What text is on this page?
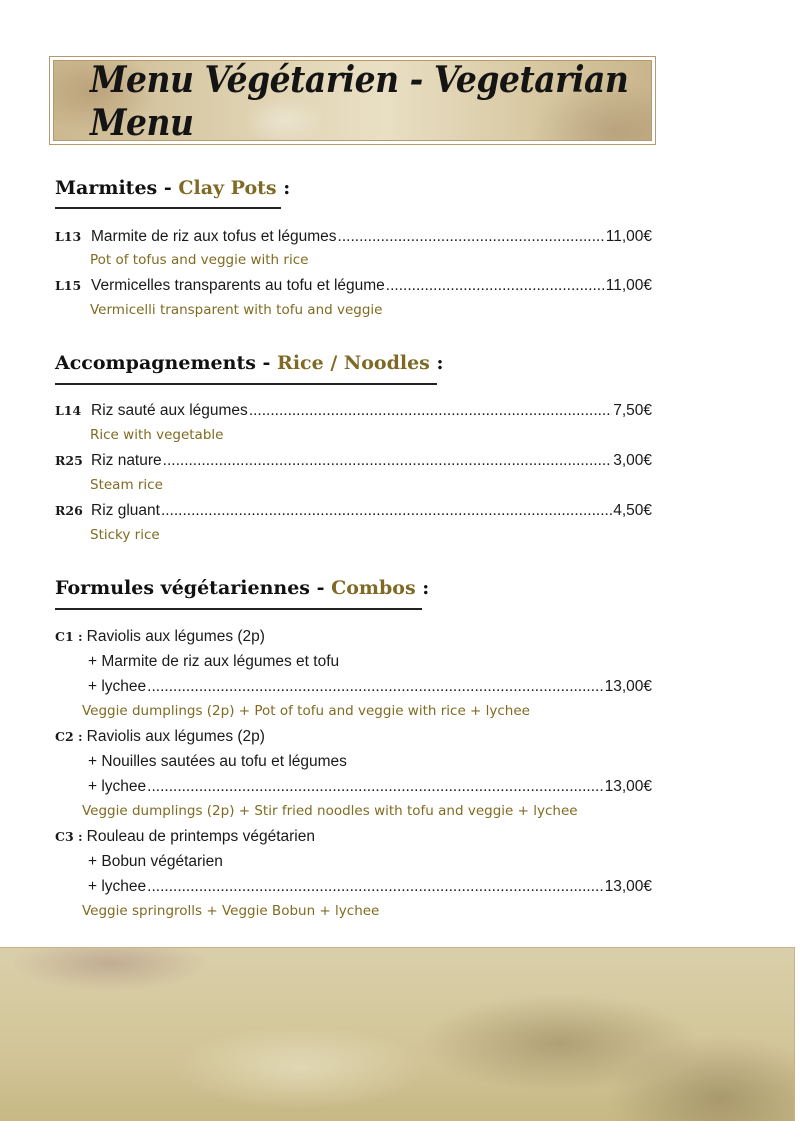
Menu Végétarien - Vegetarian Menu
Marmites - Clay Pots :
L13 Marmite de riz aux tofus et légumes .....	11,00€
Pot of tofus and veggie with rice
L15 Vermicelles transparents au tofu et légume .....	11,00€
Vermicelli transparent with tofu and veggie
Accompagnements - Rice / Noodles :
L14 Riz sauté aux légumes .....	7,50€
Rice with vegetable
R25 Riz nature .....	3,00€
Steam rice
R26 Riz gluant .....	4,50€
Sticky rice
Formules végétariennes - Combos :
C1 : Raviolis aux légumes (2p)
+ Marmite de riz aux légumes et tofu
+ lychee .....	13,00€
Veggie dumplings (2p) + Pot of tofu and veggie with rice + lychee
C2 : Raviolis aux légumes (2p)
+ Nouilles sautées au tofu et légumes
+ lychee .....	13,00€
Veggie dumplings (2p) + Stir fried noodles with tofu and veggie + lychee
C3 : Rouleau de printemps végétarien
+ Bobun végétarien
+ lychee .....	13,00€
Veggie springrolls + Veggie Bobun + lychee
